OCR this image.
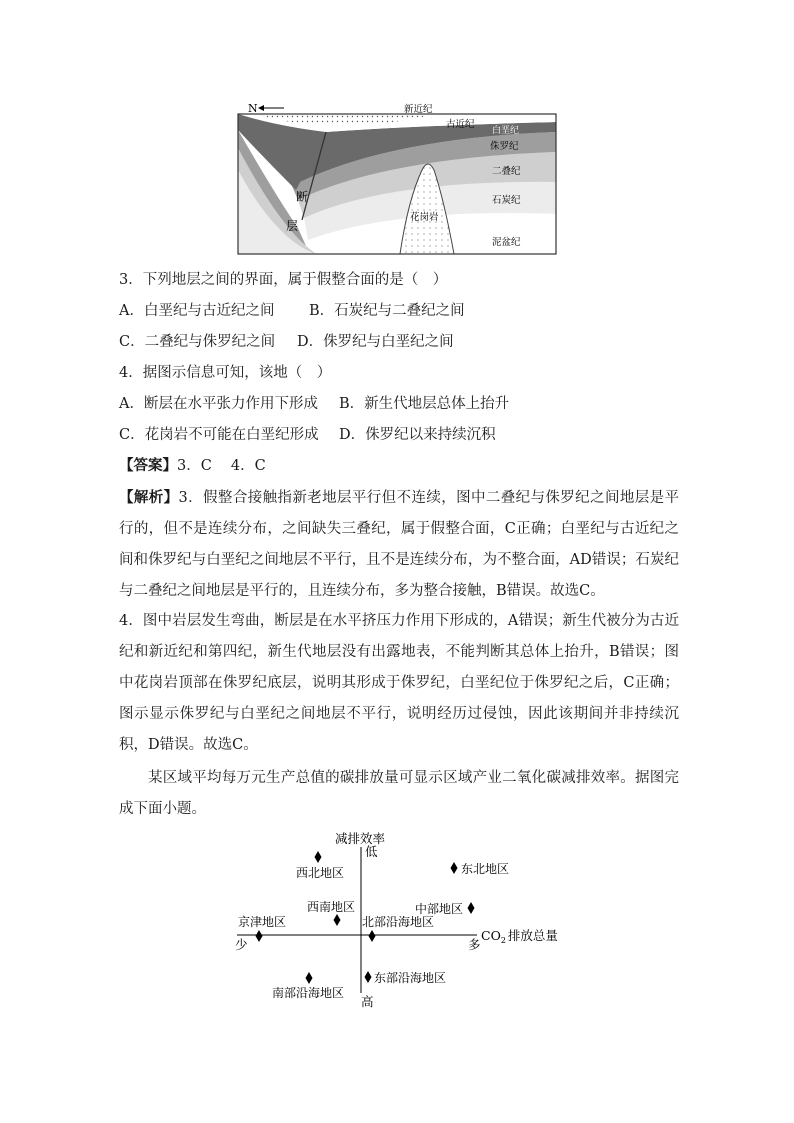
N	新近纪
古近纪
白垩纪
侏罗纪
二叠纪
石炭纪
泥盆纪
花岗岩
断
层
3．下列地层之间的界面，属于假整合面的是（　）
A．白垩纪与古近纪之间 B．石炭纪与二叠纪之间
C．二叠纪与侏罗纪之间 D．侏罗纪与白垩纪之间
4．据图示信息可知，该地（　）
A．断层在水平张力作用下形成 B．新生代地层总体上抬升
C．花岗岩不可能在白垩纪形成 D．侏罗纪以来持续沉积
【答案】3．C　 4．C
【解析】3．假整合接触指新老地层平行但不连续，图中二叠纪与侏罗纪之间地层是平行的，但不是连续分布，之间缺失三叠纪，属于假整合面，C正确；白垩纪与古近纪之间和侏罗纪与白垩纪之间地层不平行，且不是连续分布，为不整合面，AD错误；石炭纪与二叠纪之间地层是平行的，且连续分布，多为整合接触，B错误。故选C。
4．图中岩层发生弯曲，断层是在水平挤压力作用下形成的，A错误；新生代被分为古近纪和新近纪和第四纪，新生代地层没有出露地表，不能判断其总体上抬升，B错误；图中花岗岩顶部在侏罗纪底层，说明其形成于侏罗纪，白垩纪位于侏罗纪之后，C正确；图示显示侏罗纪与白垩纪之间地层不平行，说明经历过侵蚀，因此该期间并非持续沉积，D错误。故选C。
某区域平均每万元生产总值的碳排放量可显示区域产业二氧化碳减排效率。据图完成下面小题。
减排效率
低
高
少	多
$CO_2$ 排放总量
西北地区	东北地区
西南地区
京津地区	北部沿海地区
中部地区
东部沿海地区
南部沿海地区
